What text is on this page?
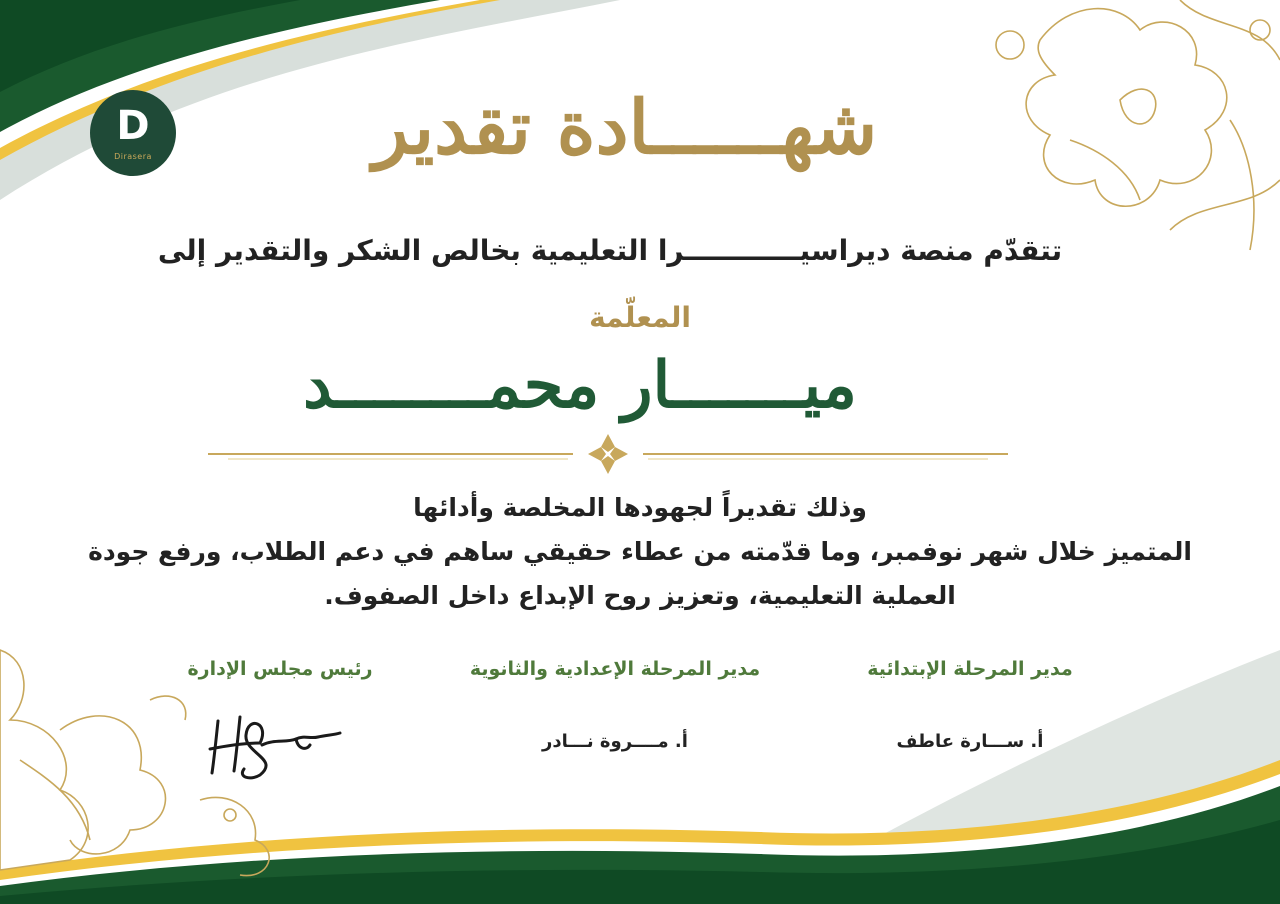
D
Dirasera	شهــــــادة تقدير
تتقدّم منصة ديراسيــــــــــــرا التعليمية بخالص الشكر والتقدير إلى
المعلّمة
ميـــــــار محمــــــــد

وذلك تقديراً لجهودها المخلصة وأدائها

المتميز خلال شهر نوفمبر، وما قدّمته من عطاء حقيقي ساهم في دعم الطلاب، ورفع جودة

العملية التعليمية، وتعزيز روح الإبداع داخل الصفوف.

مدير المرحلة الإبتدائية
أ. ســـارة عاطف
مدير المرحلة الإعدادية والثانوية
أ. مــــروة نـــادر
رئيس مجلس الإدارة
